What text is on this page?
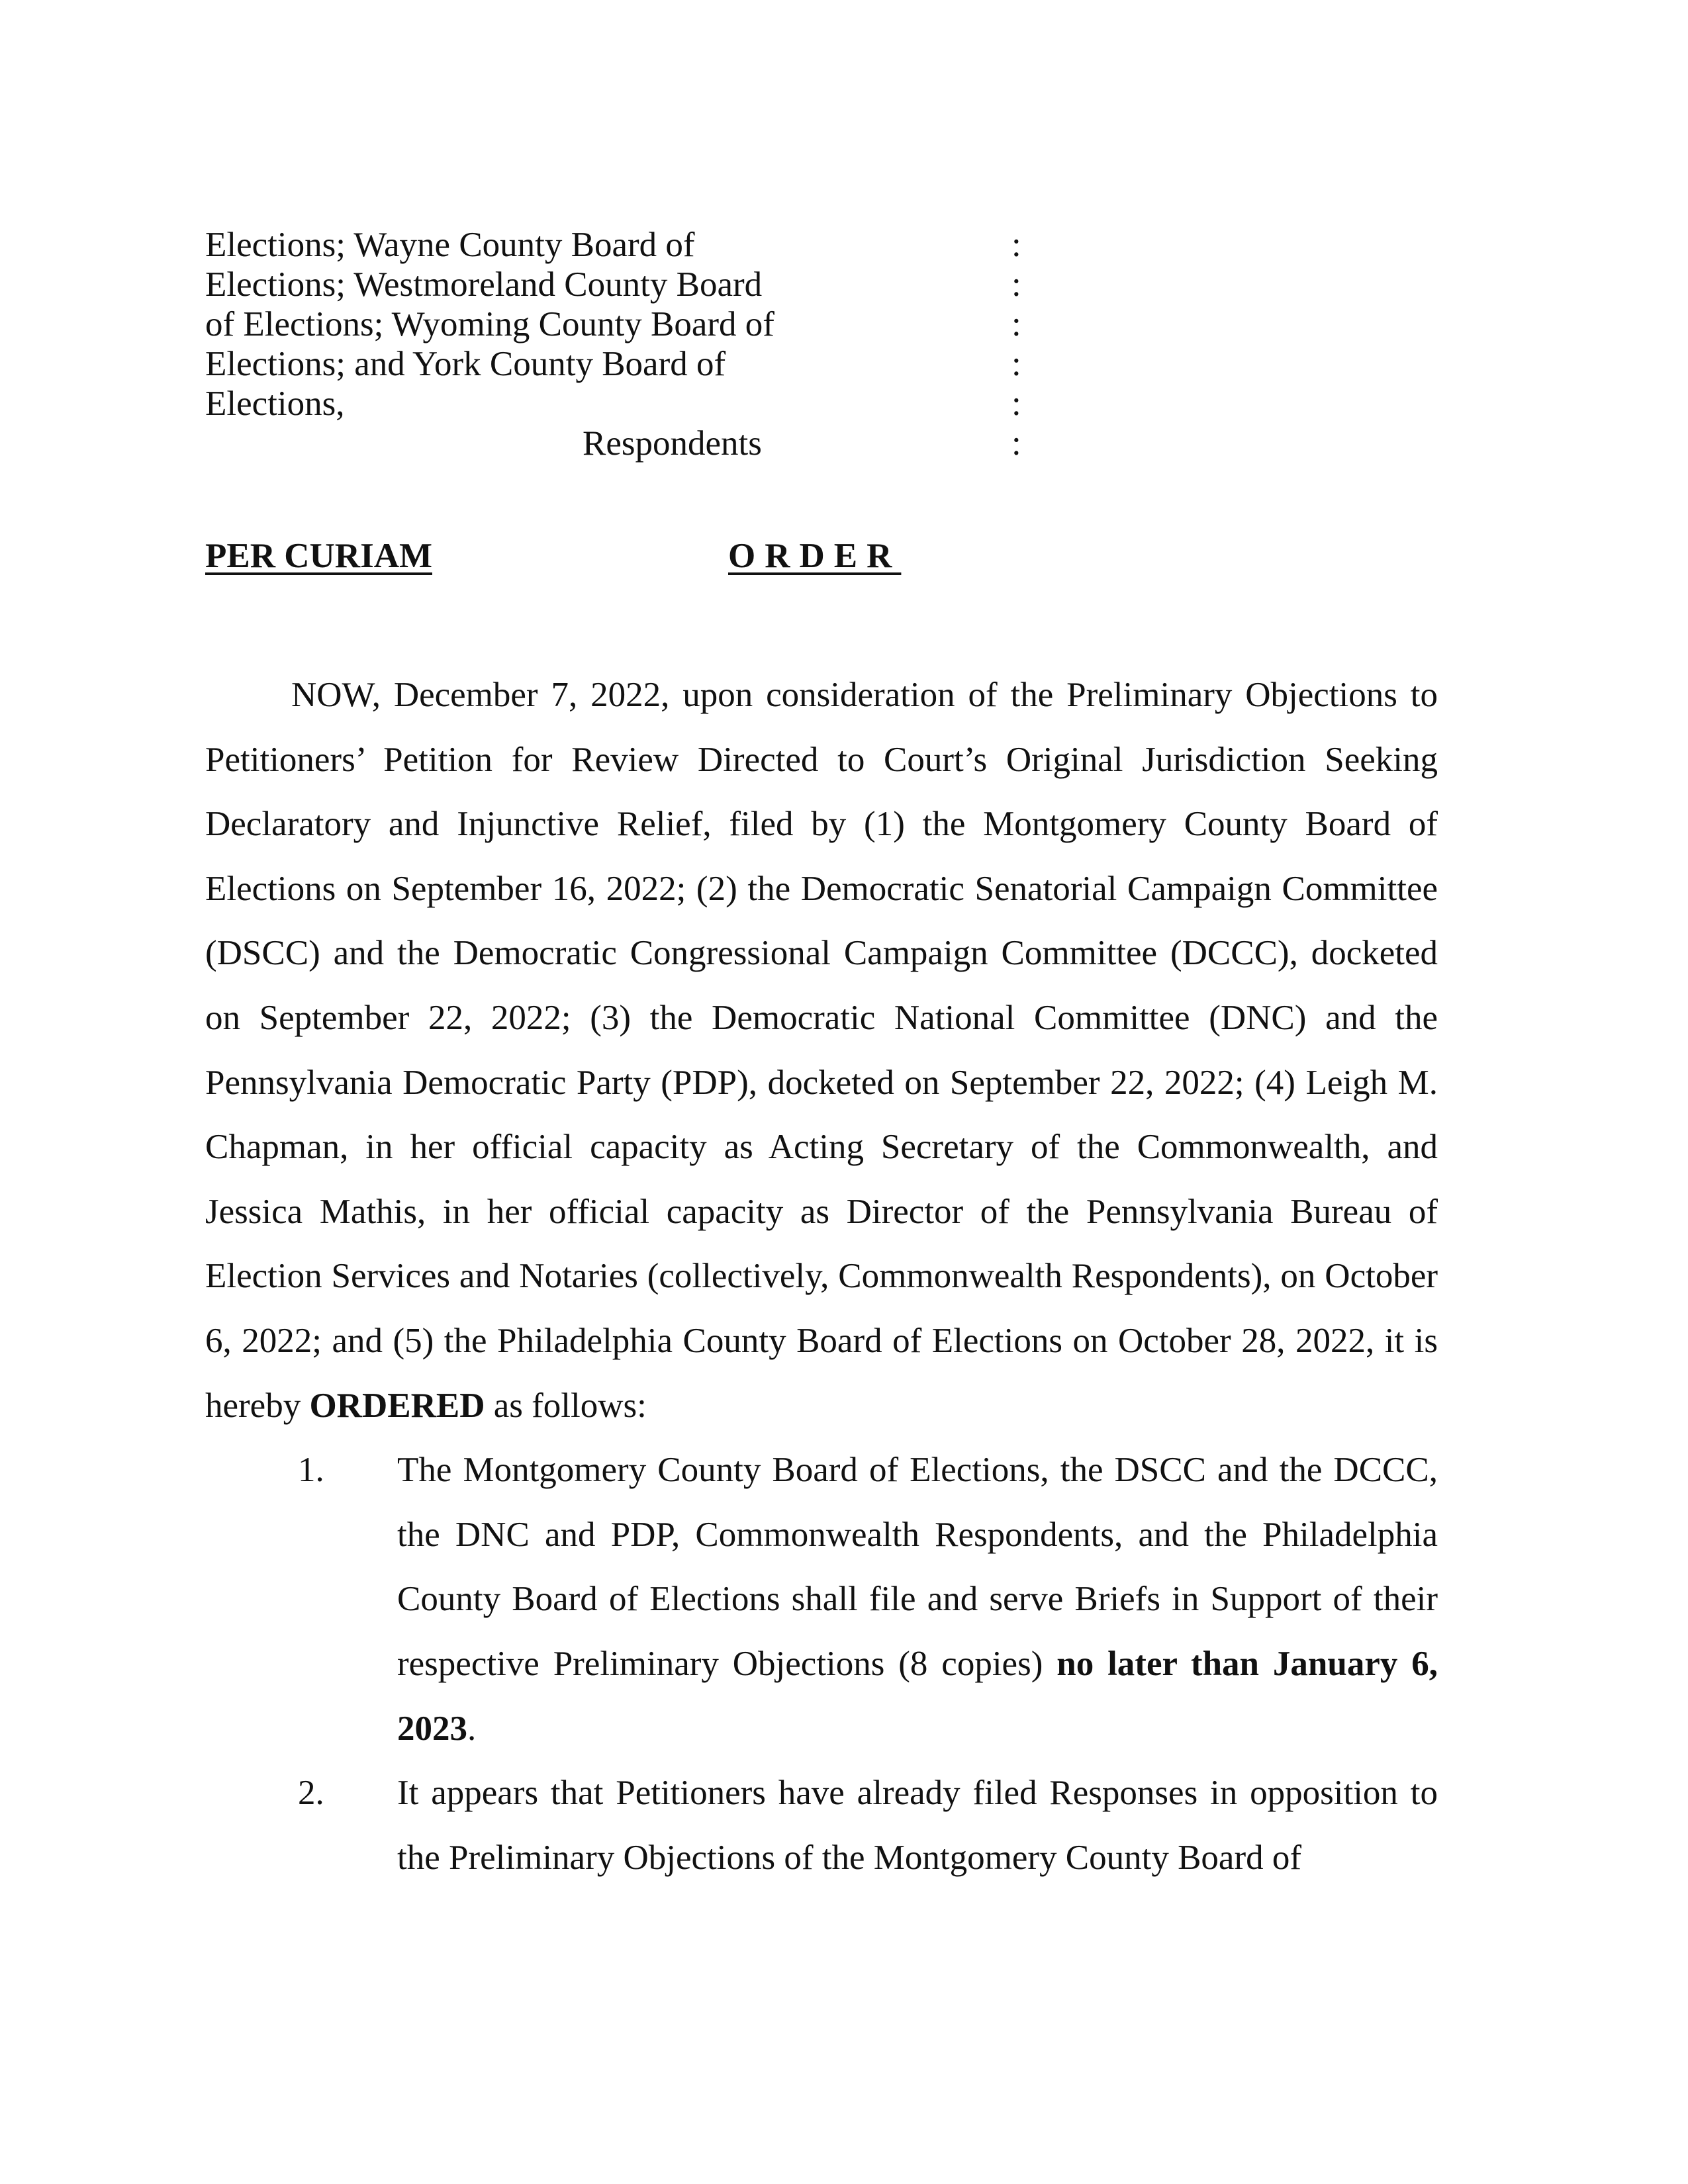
Elections; Wayne County Board of	:
Elections; Westmoreland County Board	:
of Elections; Wyoming County Board of	:
Elections; and York County Board of	:
Elections,	:
Respondents	:
PER CURIAM	ORDER

NOW, December 7, 2022, upon consideration of the Preliminary Objections to Petitioners’ Petition for Review Directed to Court’s Original Jurisdiction Seeking Declaratory and Injunctive Relief, filed by (1) the Montgomery County Board of Elections on September 16, 2022; (2) the Democratic Senatorial Campaign Committee (DSCC) and the Democratic Congressional Campaign Committee (DCCC), docketed on September 22, 2022; (3) the Democratic National Committee (DNC) and the Pennsylvania Democratic Party (PDP), docketed on September 22, 2022; (4) Leigh M. Chapman, in her official capacity as Acting Secretary of the Commonwealth, and Jessica Mathis, in her official capacity as Director of the Pennsylvania Bureau of Election Services and Notaries (collectively, Commonwealth Respondents), on October 6, 2022; and (5) the Philadelphia County Board of Elections on October 28, 2022, it is hereby ORDERED as follows:

1. The Montgomery County Board of Elections, the DSCC and the DCCC, the DNC and PDP, Commonwealth Respondents, and the Philadelphia County Board of Elections shall file and serve Briefs in Support of their respective Preliminary Objections (8 copies) no later than January 6, 2023.
2. It appears that Petitioners have already filed Responses in opposition to the Preliminary Objections of the Montgomery County Board of
